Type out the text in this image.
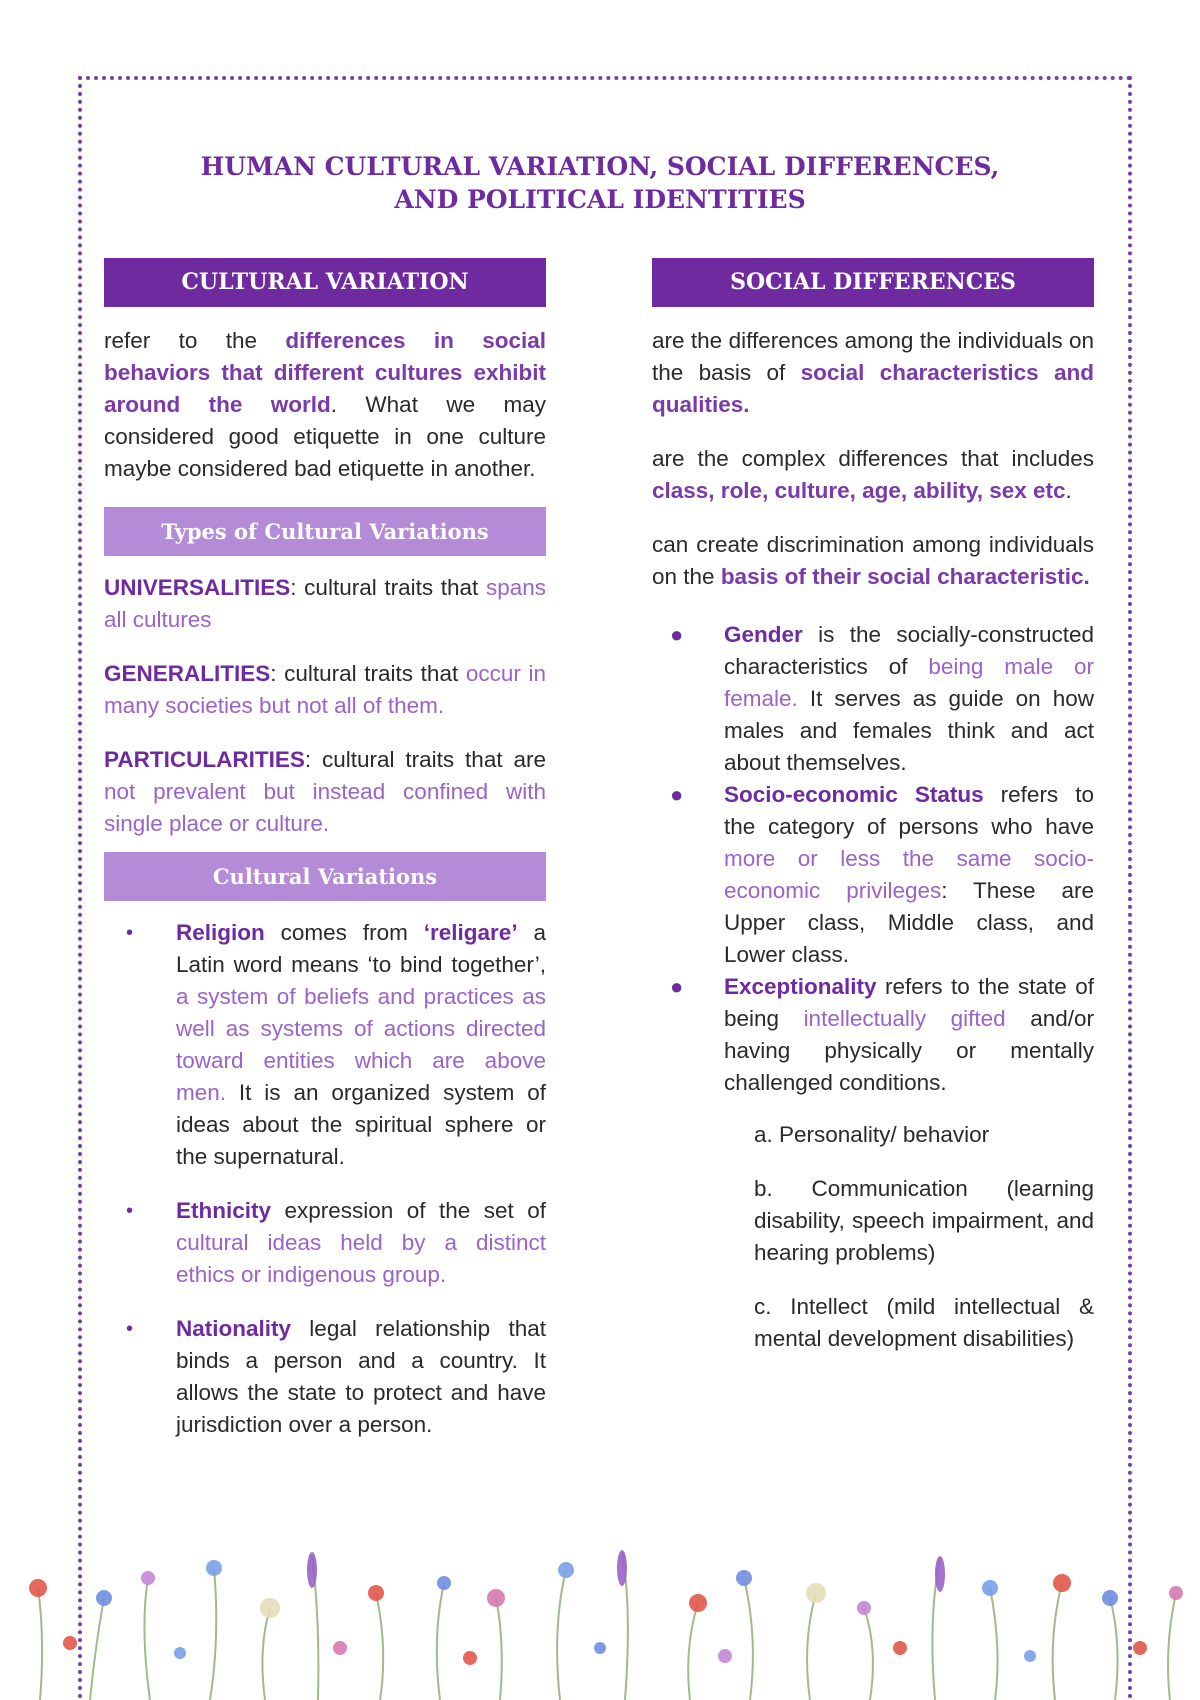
HUMAN CULTURAL VARIATION, SOCIAL DIFFERENCES,
AND POLITICAL IDENTITIES
CULTURAL VARIATION

refer to the differences in social behaviors that different cultures exhibit around the world. What we may considered good etiquette in one culture maybe considered bad etiquette in another.

Types of Cultural Variations

UNIVERSALITIES: cultural traits that spans all cultures

GENERALITIES: cultural traits that occur in many societies but not all of them.

PARTICULARITIES: cultural traits that are not prevalent but instead confined with single place or culture.

Cultural Variations
• Religion comes from ‘religare’ a Latin word means ‘to bind together’, a system of beliefs and practices as well as systems of actions directed toward entities which are above men. It is an organized system of ideas about the spiritual sphere or the supernatural.
• Ethnicity expression of the set of cultural ideas held by a distinct ethics or indigenous group.
• Nationality legal relationship that binds a person and a country. It allows the state to protect and have jurisdiction over a person.
SOCIAL DIFFERENCES

are the differences among the individuals on the basis of social characteristics and qualities.

are the complex differences that includes class, role, culture, age, ability, sex etc.

can create discrimination among individuals on the basis of their social characteristic.

● Gender is the socially-constructed characteristics of being male or female. It serves as guide on how males and females think and act about themselves.
● Socio-economic Status refers to the category of persons who have more or less the same socio-economic privileges: These are Upper class, Middle class, and Lower class.
● Exceptionality refers to the state of being intellectually gifted and/or having physically or mentally challenged conditions.

a. Personality/ behavior

b. Communication (learning disability, speech impairment, and hearing problems)

c. Intellect (mild intellectual & mental development disabilities)
